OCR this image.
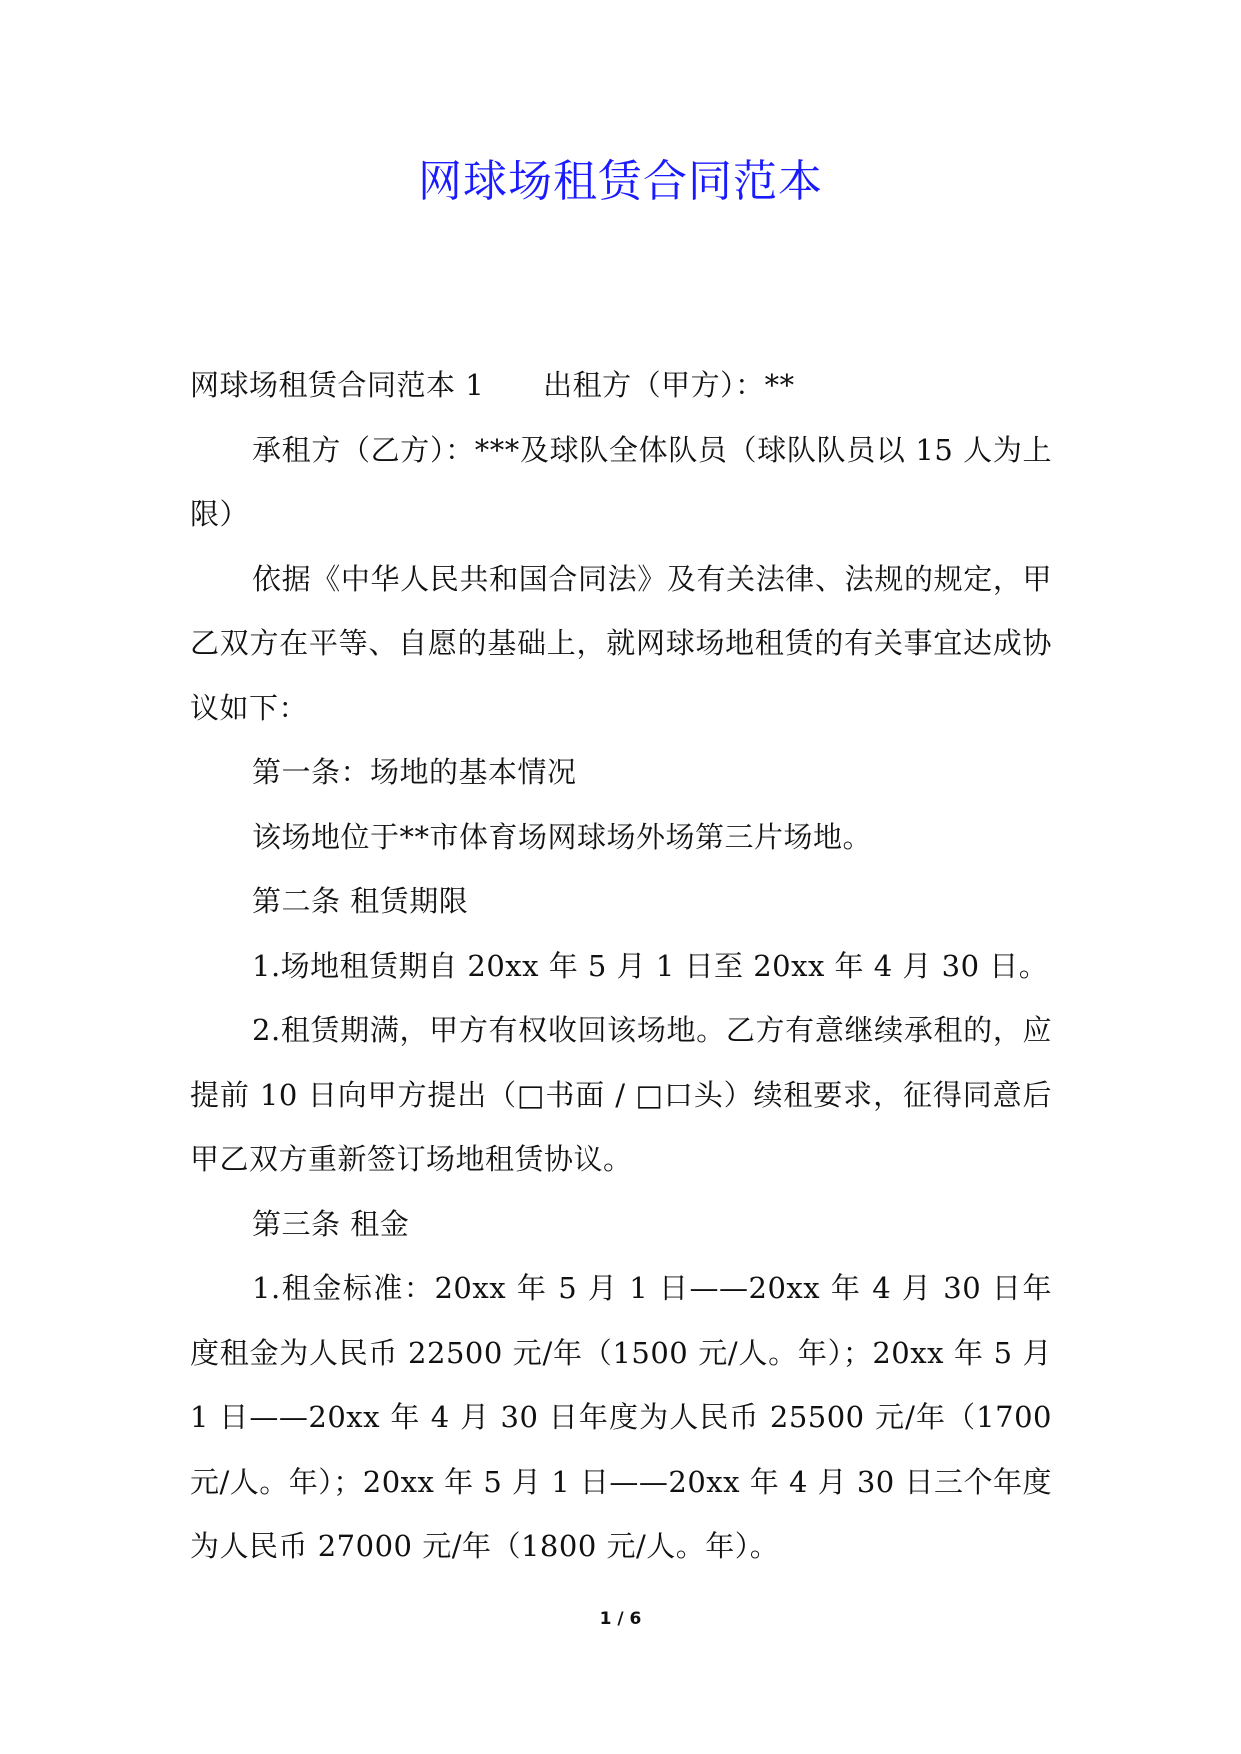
网球场租赁合同范本

网球场租赁合同范本 1　　出租方（甲方）：**

承租方（乙方）：***及球队全体队员（球队队员以 15 人为上限）

依据《中华人民共和国合同法》及有关法律、法规的规定，甲乙双方在平等、自愿的基础上，就网球场地租赁的有关事宜达成协议如下：

第一条：场地的基本情况

该场地位于**市体育场网球场外场第三片场地。

第二条 租赁期限

1.场地租赁期自 20xx 年 5 月 1 日至 20xx 年 4 月 30 日。

2.租赁期满，甲方有权收回该场地。乙方有意继续承租的，应提前 10 日向甲方提出（□书面 / □口头）续租要求，征得同意后甲乙双方重新签订场地租赁协议。

第三条 租金

1.租金标准：20xx 年 5 月 1 日——20xx 年 4 月 30 日年度租金为人民币 22500 元/年（1500 元/人。年）；20xx 年 5 月 1 日——20xx 年 4 月 30 日年度为人民币 25500 元/年（1700 元/人。年）；20xx 年 5 月 1 日——20xx 年 4 月 30 日三个年度为人民币 27000 元/年（1800 元/人。年）。

1 / 6
